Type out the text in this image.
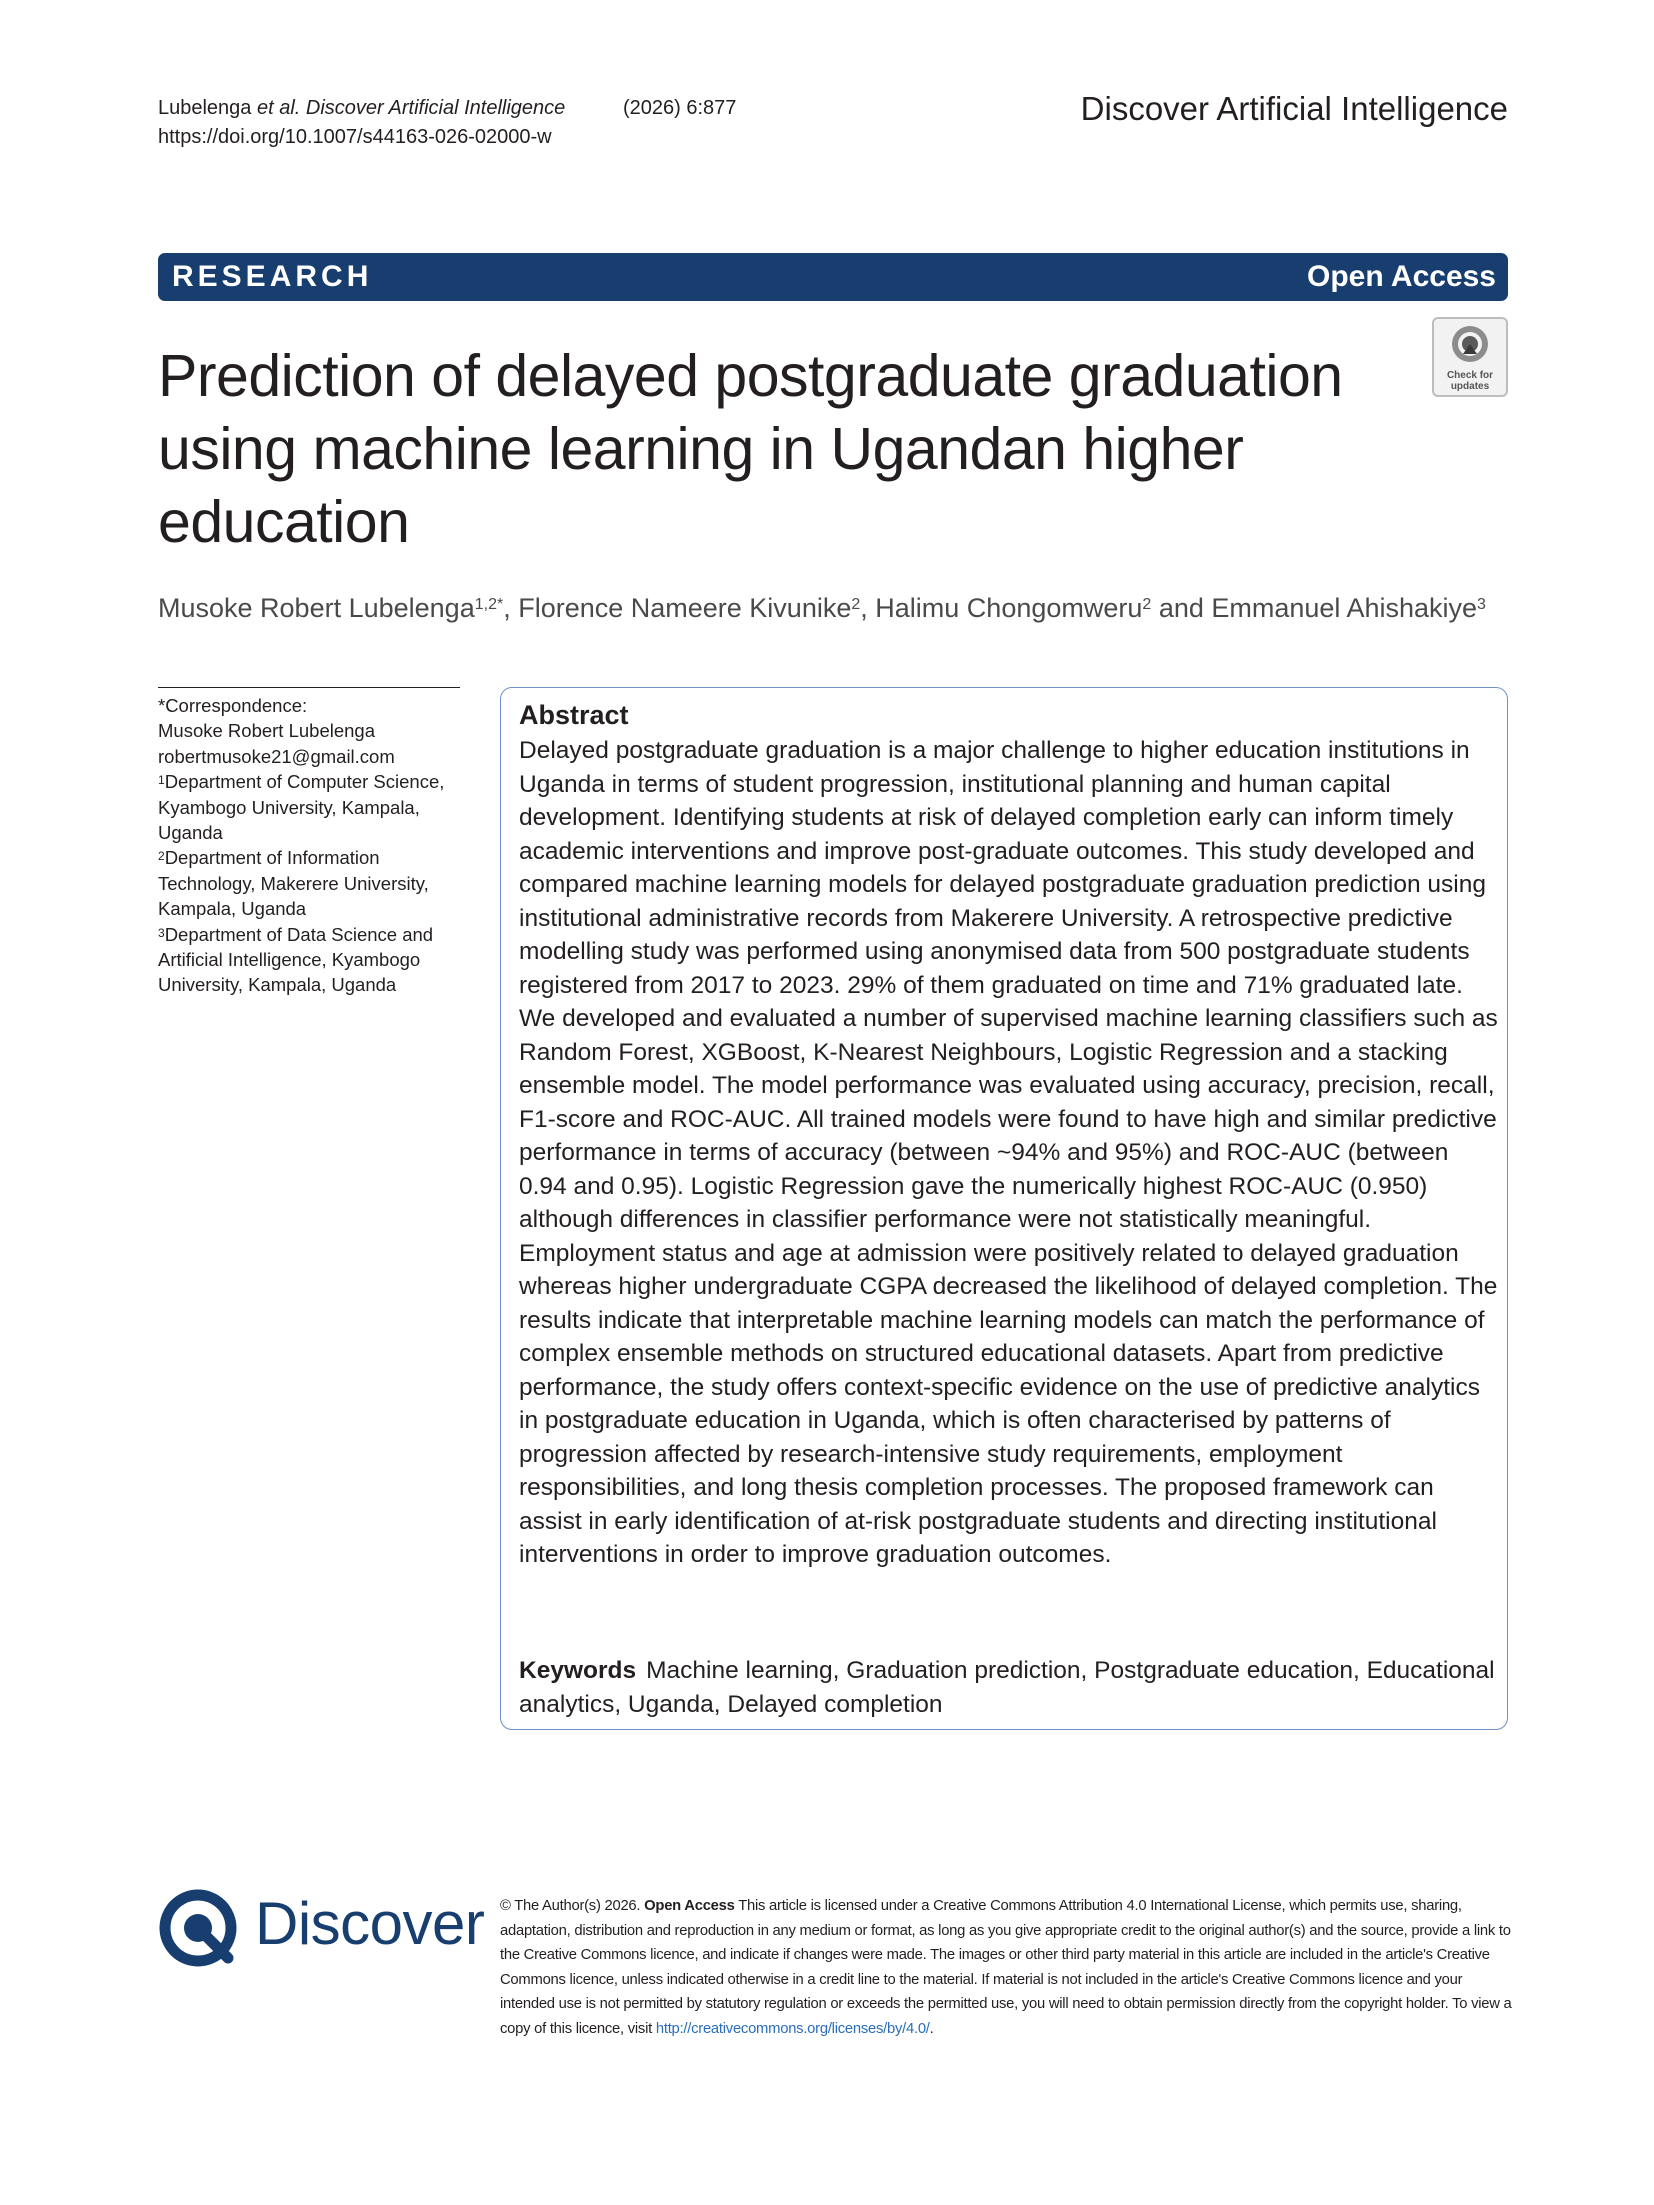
Lubelenga et al. Discover Artificial Intelligence	(2026) 6:877
https://doi.org/10.1007/s44163-026-02000-w
Discover Artificial Intelligence
RESEARCH	Open Access
Prediction of delayed postgraduate graduation using machine learning in Ugandan higher education
Check for
updates
Musoke Robert Lubelenga$^{1,2*}$, Florence Nameere Kivunike$^2$, Halimu Chongomweru$^2$ and Emmanuel Ahishakiye$^3$

*Correspondence:

Musoke Robert Lubelenga

robertmusoke21@gmail.com

$^1$Department of Computer Science, Kyambogo University, Kampala, Uganda

$^2$Department of Information Technology, Makerere University, Kampala, Uganda

$^3$Department of Data Science and Artificial Intelligence, Kyambogo University, Kampala, Uganda

Abstract
Delayed postgraduate graduation is a major challenge to higher education institutions in Uganda in terms of student progression, institutional planning and human capital development. Identifying students at risk of delayed completion early can inform timely academic interventions and improve post-graduate outcomes. This study developed and compared machine learning models for delayed postgraduate graduation prediction using institutional administrative records from Makerere University. A retrospective predictive modelling study was performed using anonymised data from 500 postgraduate students registered from 2017 to 2023. 29% of them graduated on time and 71% graduated late. We developed and evaluated a number of supervised machine learning classifiers such as Random Forest, XGBoost, K-Nearest Neighbours, Logistic Regression and a stacking ensemble model. The model performance was evaluated using accuracy, precision, recall, F1-score and ROC-AUC. All trained models were found to have high and similar predictive performance in terms of accuracy (between ~94% and 95%) and ROC-AUC (between 0.94 and 0.95). Logistic Regression gave the numerically highest ROC-AUC (0.950) although differences in classifier performance were not statistically meaningful. Employment status and age at admission were positively related to delayed graduation whereas higher undergraduate CGPA decreased the likelihood of delayed completion. The results indicate that interpretable machine learning models can match the performance of complex ensemble methods on structured educational datasets. Apart from predictive performance, the study offers context-specific evidence on the use of predictive analytics in postgraduate education in Uganda, which is often characterised by patterns of progression affected by research-intensive study requirements, employment responsibilities, and long thesis completion processes. The proposed framework can assist in early identification of at-risk postgraduate students and directing institutional interventions in order to improve graduation outcomes.
Keywords Machine learning, Graduation prediction, Postgraduate education, Educational analytics, Uganda, Delayed completion
Discover © The Author(s) 2026. Open Access This article is licensed under a Creative Commons Attribution 4.0 International License, which permits use, sharing, adaptation, distribution and reproduction in any medium or format, as long as you give appropriate credit to the original author(s) and the source, provide a link to the Creative Commons licence, and indicate if changes were made. The images or other third party material in this article are included in the article's Creative Commons licence, unless indicated otherwise in a credit line to the material. If material is not included in the article's Creative Commons licence and your intended use is not permitted by statutory regulation or exceeds the permitted use, you will need to obtain permission directly from the copyright holder. To view a copy of this licence, visit http://creativecommons.org/licenses/by/4.0/.
